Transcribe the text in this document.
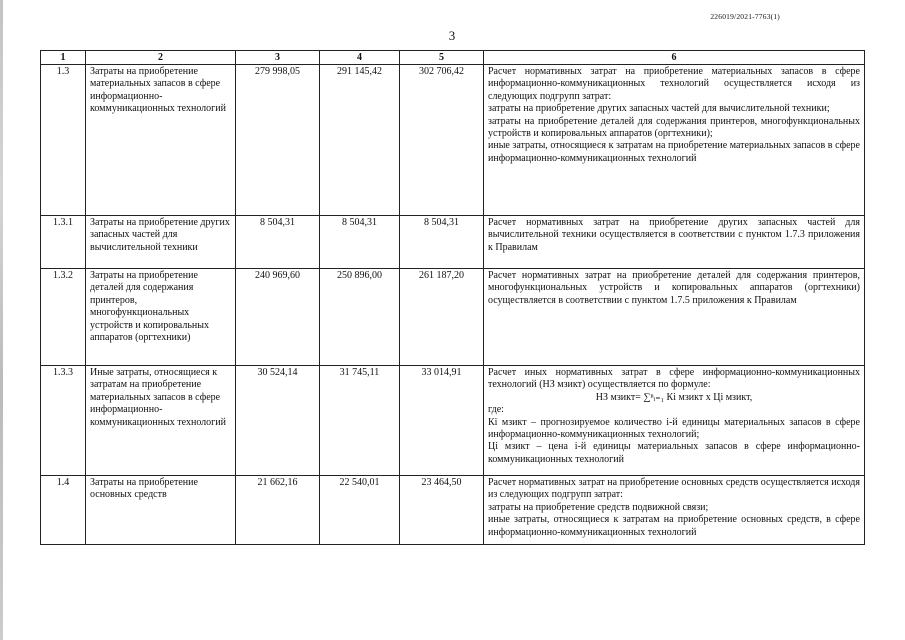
226019/2021-7763(1)
3
1	2	3	4	5	6
1.3	Затраты на приобретение материальных запасов в сфере информационно-коммуникационных технологий	279 998,05	291 145,42	302 706,42	Расчет нормативных затрат на приобретение материальных запасов в сфере информационно-коммуникационных технологий осуществляется исходя из следующих подгрупп затрат:

затраты на приобретение других запасных частей для вычислительной техники;

затраты на приобретение деталей для содержания принтеров, многофункциональных устройств и копировальных аппаратов (оргтехники);

иные затраты, относящиеся к затратам на приобретение материальных запасов в сфере информационно-коммуникационных технологий

1.3.1	Затраты на приобретение других запасных частей для вычислительной техники	8 504,31	8 504,31	8 504,31	Расчет нормативных затрат на приобретение других запасных частей для вычислительной техники осуществляется в соответствии с пунктом 1.7.3 приложения к Правилам

1.3.2	Затраты на приобретение деталей для содержания принтеров, многофункциональных устройств и копировальных аппаратов (оргтехники)	240 969,60	250 896,00	261 187,20	Расчет нормативных затрат на приобретение деталей для содержания принтеров, многофункциональных устройств и копировальных аппаратов (оргтехники) осуществляется в соответствии с пунктом 1.7.5 приложения к Правилам

1.3.3	Иные затраты, относящиеся к затратам на приобретение материальных запасов в сфере информационно-коммуникационных технологий	30 524,14	31 745,11	33 014,91	Расчет иных нормативных затрат в сфере информационно-коммуникационных технологий (НЗ мзикт) осуществляется по формуле:

НЗ мзикт= ∑ⁿᵢ₌₁ Кi мзикт х Цi мзикт,

где:

Кi мзикт – прогнозируемое количество i-й единицы материальных запасов в сфере информационно-коммуникационных технологий;

Цi мзикт – цена i-й единицы материальных запасов в сфере информационно-коммуникационных технологий

1.4	Затраты на приобретение основных средств	21 662,16	22 540,01	23 464,50	Расчет нормативных затрат на приобретение основных средств осуществляется исходя из следующих подгрупп затрат:

затраты на приобретение средств подвижной связи;

иные затраты, относящиеся к затратам на приобретение основных средств, в сфере информационно-коммуникационных технологий
